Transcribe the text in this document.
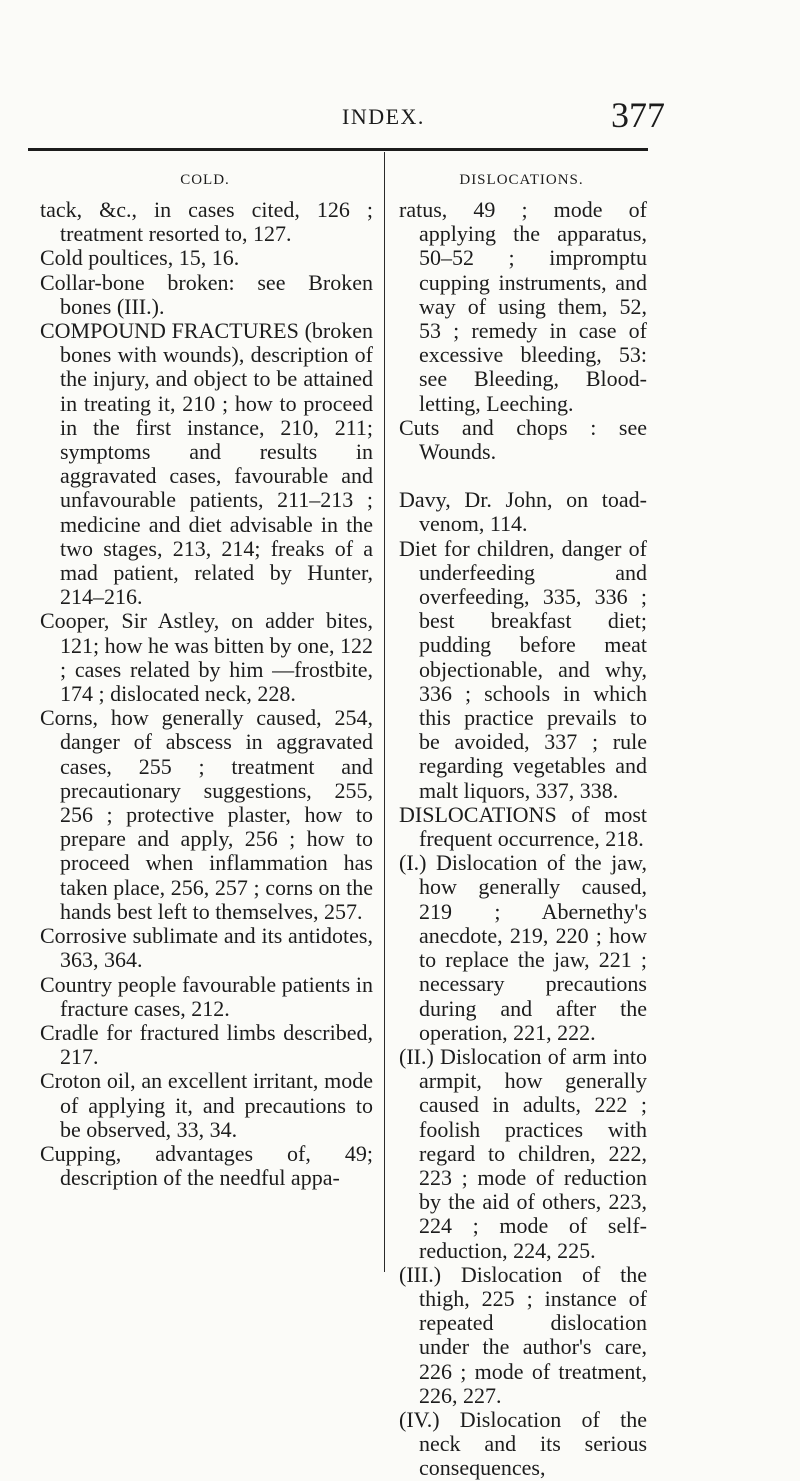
INDEX.	377
COLD.

tack, &c., in cases cited, 126 ; treatment resorted to, 127.

Cold poultices, 15, 16.

Collar-bone broken: see Broken bones (III.).

COMPOUND FRACTURES (broken bones with wounds), description of the injury, and object to be attained in treating it, 210 ; how to proceed in the first instance, 210, 211; symptoms and results in aggravated cases, favourable and unfavourable patients, 211–213 ; medicine and diet advisable in the two stages, 213, 214; freaks of a mad patient, related by Hunter, 214–216.

Cooper, Sir Astley, on adder bites, 121; how he was bitten by one, 122 ; cases related by him —frostbite, 174 ; dislocated neck, 228.

Corns, how generally caused, 254, danger of abscess in aggravated cases, 255 ; treatment and precautionary suggestions, 255, 256 ; protective plaster, how to prepare and apply, 256 ; how to proceed when inflammation has taken place, 256, 257 ; corns on the hands best left to themselves, 257.

Corrosive sublimate and its antidotes, 363, 364.

Country people favourable patients in fracture cases, 212.

Cradle for fractured limbs described, 217.

Croton oil, an excellent irritant, mode of applying it, and precautions to be observed, 33, 34.

Cupping, advantages of, 49; description of the needful appa-

DISLOCATIONS.

ratus, 49 ; mode of applying the apparatus, 50–52 ; impromptu cupping instruments, and way of using them, 52, 53 ; remedy in case of excessive bleeding, 53: see Bleeding, Blood-letting, Leeching.

Cuts and chops : see Wounds.

Davy, Dr. John, on toad-venom, 114.

Diet for children, danger of underfeeding and overfeeding, 335, 336 ; best breakfast diet; pudding before meat objectionable, and why, 336 ; schools in which this practice prevails to be avoided, 337 ; rule regarding vegetables and malt liquors, 337, 338.

DISLOCATIONS of most frequent occurrence, 218.

(I.) Dislocation of the jaw, how generally caused, 219 ; Abernethy's anecdote, 219, 220 ; how to replace the jaw, 221 ; necessary precautions during and after the operation, 221, 222.

(II.) Dislocation of arm into armpit, how generally caused in adults, 222 ; foolish practices with regard to children, 222, 223 ; mode of reduction by the aid of others, 223, 224 ; mode of self-reduction, 224, 225.

(III.) Dislocation of the thigh, 225 ; instance of repeated dislocation under the author's care, 226 ; mode of treatment, 226, 227.

(IV.) Dislocation of the neck and its serious consequences,
